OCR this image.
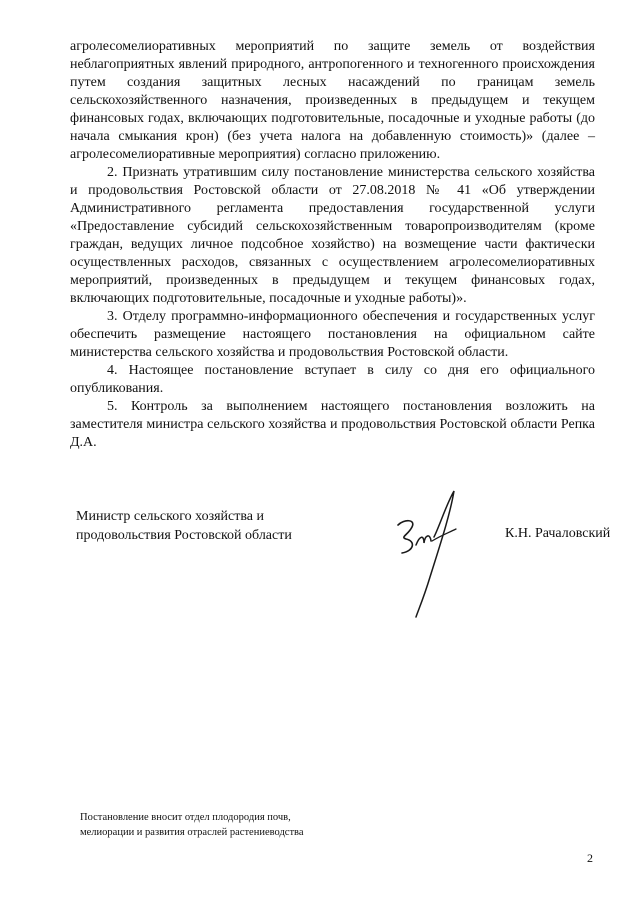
агролесомелиоративных мероприятий по защите земель от воздействия неблагоприятных явлений природного, антропогенного и техногенного происхождения путем создания защитных лесных насаждений по границам земель сельскохозяйственного назначения, произведенных в предыдущем и текущем финансовых годах, включающих подготовительные, посадочные и уходные работы (до начала смыкания крон) (без учета налога на добавленную стоимость)» (далее – агролесомелиоративные мероприятия) согласно приложению.

2. Признать утратившим силу постановление министерства сельского хозяйства и продовольствия Ростовской области от 27.08.2018 № 41 «Об утверждении Административного регламента предоставления государственной услуги «Предоставление субсидий сельскохозяйственным товаропроизводителям (кроме граждан, ведущих личное подсобное хозяйство) на возмещение части фактически осуществленных расходов, связанных с осуществлением агролесомелиоративных мероприятий, произведенных в предыдущем и текущем финансовых годах, включающих подготовительные, посадочные и уходные работы)».

3. Отделу программно-информационного обеспечения и государственных услуг обеспечить размещение настоящего постановления на официальном сайте министерства сельского хозяйства и продовольствия Ростовской области.

4. Настоящее постановление вступает в силу со дня его официального опубликования.

5. Контроль за выполнением настоящего постановления возложить на заместителя министра сельского хозяйства и продовольствия Ростовской области Репка Д.А.

Министр сельского хозяйства и
продовольствия Ростовской области	К.Н. Рачаловский
Постановление вносит отдел плодородия почв,
мелиорации и развития отраслей растениеводства
2
